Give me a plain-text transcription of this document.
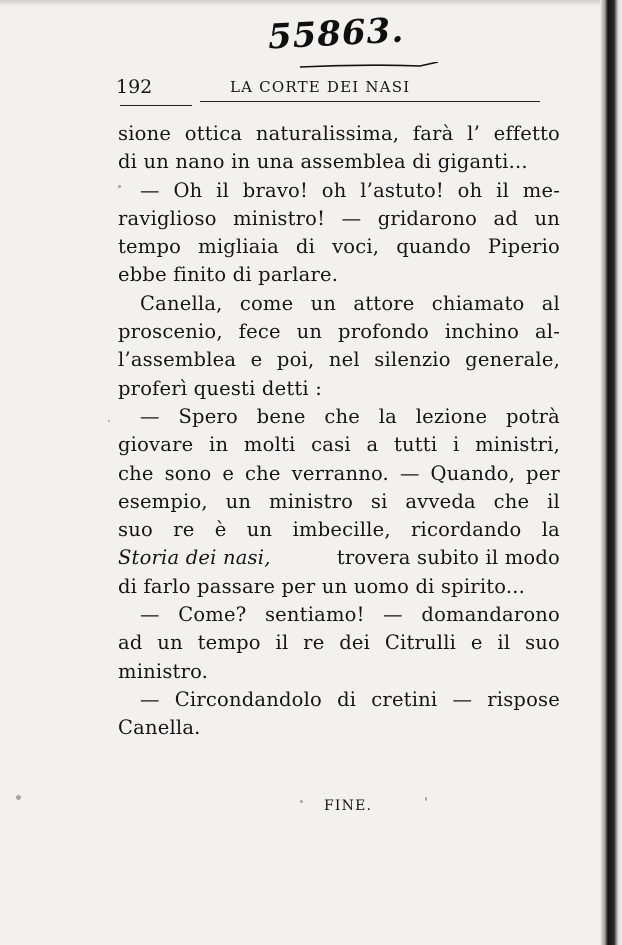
55863.
192	LA CORTE DEI NASI
sione ottica naturalissima, farà l’ effetto
di un nano in una assemblea di giganti...
— Oh il bravo! oh l’astuto! oh il me-
raviglioso ministro! — gridarono ad un
tempo migliaia di voci, quando Piperio
ebbe finito di parlare.
Canella, come un attore chiamato al
proscenio, fece un profondo inchino al-
l’assemblea e poi, nel silenzio generale,
proferì questi detti :
— Spero bene che la lezione potrà
giovare in molti casi a tutti i ministri,
che sono e che verranno. — Quando, per
esempio, un ministro si avveda che il
suo re è un imbecille, ricordando la
Storia dei nasi,	trovera subito il modo
di farlo passare per un uomo di spirito...
— Come? sentiamo! — domandarono
ad un tempo il re dei Citrulli e il suo
ministro.
— Circondandolo di cretini — rispose
Canella.
FINE.
